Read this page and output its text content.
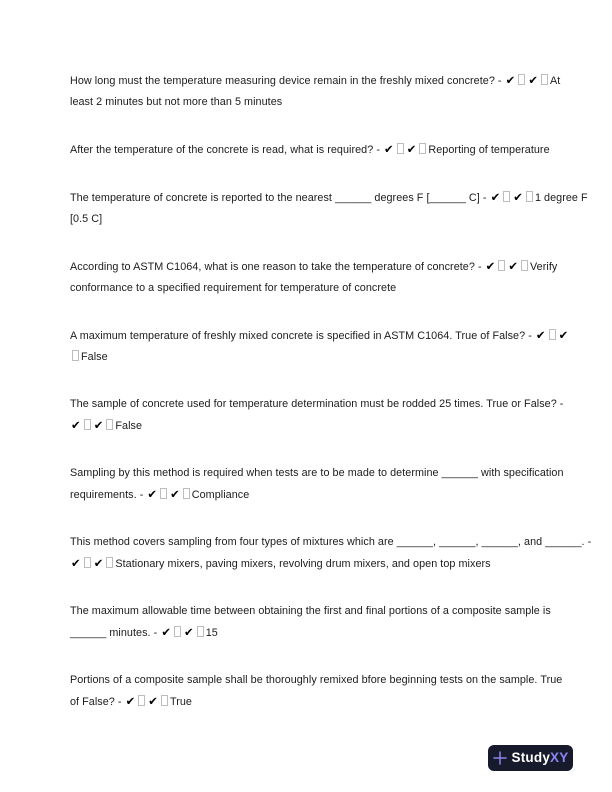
How long must the temperature measuring device remain in the freshly mixed concrete? - ✔ ✔ At
least 2 minutes but not more than 5 minutes
After the temperature of the concrete is read, what is required? - ✔ ✔ Reporting of temperature
The temperature of concrete is reported to the nearest ______ degrees F [______ C] - ✔ ✔ 1 degree F
[0.5 C]
According to ASTM C1064, what is one reason to take the temperature of concrete? - ✔ ✔ Verify
conformance to a specified requirement for temperature of concrete
A maximum temperature of freshly mixed concrete is specified in ASTM C1064. True of False? - ✔ ✔
False
The sample of concrete used for temperature determination must be rodded 25 times. True or False? -
✔ ✔ False
Sampling by this method is required when tests are to be made to determine ______ with specification
requirements. - ✔ ✔ Compliance
This method covers sampling from four types of mixtures which are ______, ______, ______, and ______. -
✔ ✔ Stationary mixers, paving mixers, revolving drum mixers, and open top mixers
The maximum allowable time between obtaining the first and final portions of a composite sample is
______ minutes. - ✔ ✔ 15
Portions of a composite sample shall be thoroughly remixed bfore beginning tests on the sample. True
of False? - ✔ ✔ True
StudyXY
